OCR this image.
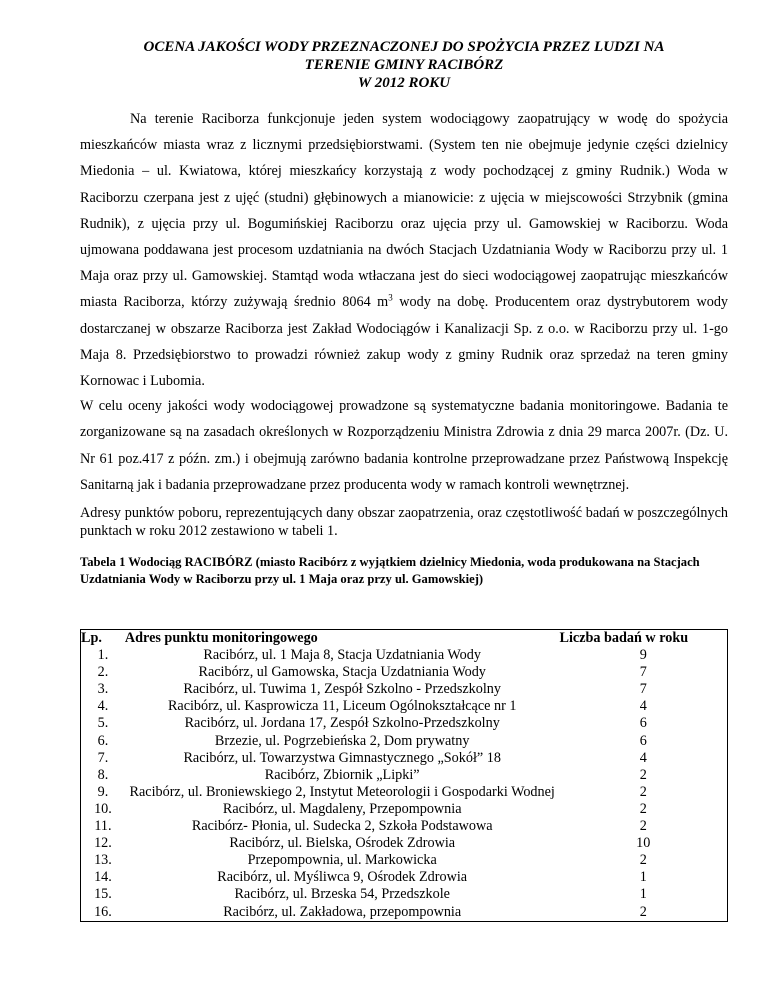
OCENA JAKOŚCI WODY PRZEZNACZONEJ DO SPOŻYCIA PRZEZ LUDZI NA
TERENIE GMINY RACIBÓRZ
W 2012 ROKU

Na terenie Raciborza funkcjonuje jeden system wodociągowy zaopatrujący w wodę do spożycia mieszkańców miasta wraz z licznymi przedsiębiorstwami. (System ten nie obejmuje jedynie części dzielnicy Miedonia – ul. Kwiatowa, której mieszkańcy korzystają z wody pochodzącej z gminy Rudnik.) Woda w Raciborzu czerpana jest z ujęć (studni) głębinowych a mianowicie: z ujęcia w miejscowości Strzybnik (gmina Rudnik), z ujęcia przy ul. Bogumińskiej Raciborzu oraz ujęcia przy ul. Gamowskiej w Raciborzu. Woda ujmowana poddawana jest procesom uzdatniania na dwóch Stacjach Uzdatniania Wody w Raciborzu przy ul. 1 Maja oraz przy ul. Gamowskiej. Stamtąd woda wtłaczana jest do sieci wodociągowej zaopatrując mieszkańców miasta Raciborza, którzy zużywają średnio 8064 $m^3$ wody na dobę. Producentem oraz dystrybutorem wody dostarczanej w obszarze Raciborza jest Zakład Wodociągów i Kanalizacji Sp. z o.o. w Raciborzu przy ul. 1-go Maja 8. Przedsiębiorstwo to prowadzi również zakup wody z gminy Rudnik oraz sprzedaż na teren gminy Kornowac i Lubomia.

W celu oceny jakości wody wodociągowej prowadzone są systematyczne badania monitoringowe. Badania te zorganizowane są na zasadach określonych w Rozporządzeniu Ministra Zdrowia z dnia 29 marca 2007r. (Dz. U. Nr 61 poz.417 z późn. zm.) i obejmują zarówno badania kontrolne przeprowadzane przez Państwową Inspekcję Sanitarną jak i badania przeprowadzane przez producenta wody w ramach kontroli wewnętrznej.

Adresy punktów poboru, reprezentujących dany obszar zaopatrzenia, oraz częstotliwość badań w poszczególnych punktach w roku 2012 zestawiono w tabeli 1.

Tabela 1 Wodociąg RACIBÓRZ (miasto Racibórz z wyjątkiem dzielnicy Miedonia, woda produkowana na Stacjach Uzdatniania Wody w Raciborzu przy ul. 1 Maja oraz przy ul. Gamowskiej)

Lp.	Adres punktu monitoringowego	Liczba badań w roku
1.	Racibórz, ul. 1 Maja 8, Stacja Uzdatniania Wody	9
2.	Racibórz, ul Gamowska, Stacja Uzdatniania Wody	7
3.	Racibórz, ul. Tuwima 1, Zespół Szkolno - Przedszkolny	7
4.	Racibórz, ul. Kasprowicza 11, Liceum Ogólnokształcące nr 1	4
5.	Racibórz, ul. Jordana 17, Zespół Szkolno-Przedszkolny	6
6.	Brzezie, ul. Pogrzebieńska 2, Dom prywatny	6
7.	Racibórz, ul. Towarzystwa Gimnastycznego „Sokół” 18	4
8.	Racibórz, Zbiornik „Lipki”	2
9.	Racibórz, ul. Broniewskiego 2, Instytut Meteorologii i Gospodarki Wodnej	2
10.	Racibórz, ul. Magdaleny, Przepompownia	2
11.	Racibórz- Płonia, ul. Sudecka 2, Szkoła Podstawowa	2
12.	Racibórz, ul. Bielska, Ośrodek Zdrowia	10
13.	Przepompownia, ul. Markowicka	2
14.	Racibórz, ul. Myśliwca 9, Ośrodek Zdrowia	1
15.	Racibórz, ul. Brzeska 54, Przedszkole	1
16.	Racibórz, ul. Zakładowa, przepompownia	2
